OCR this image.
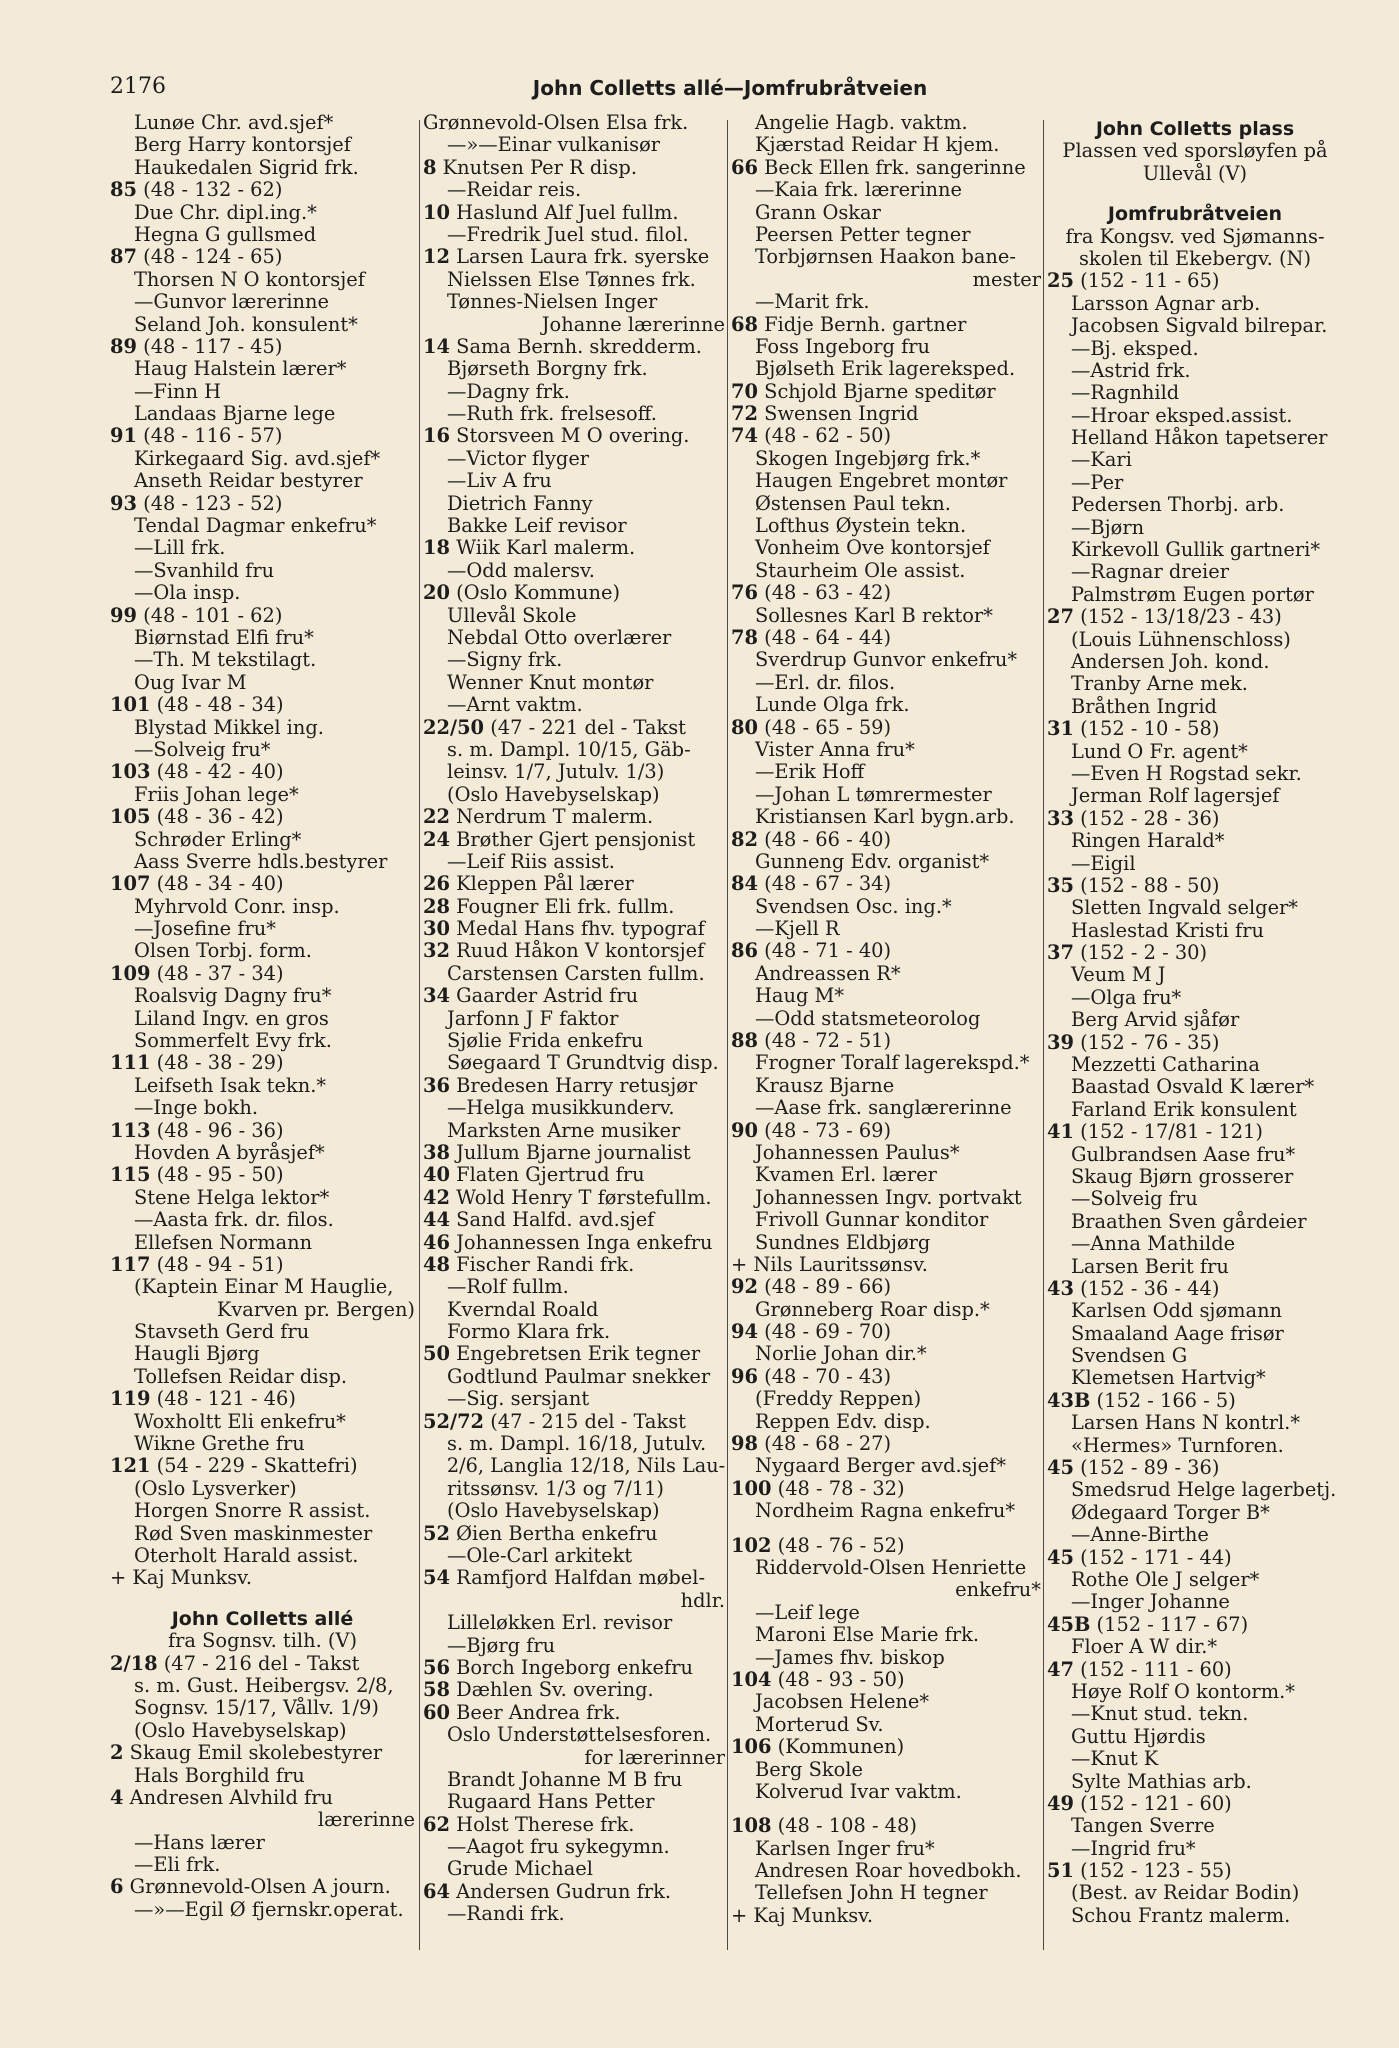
2176	John Colletts allé—Jomfrubråtveien
Lunøe Chr. avd.sjef*
Berg Harry kontorsjef
Haukedalen Sigrid frk.
85 (48 - 132 - 62)
Due Chr. dipl.ing.*
Hegna G gullsmed
87 (48 - 124 - 65)
Thorsen N O kontorsjef
—Gunvor lærerinne
Seland Joh. konsulent*
89 (48 - 117 - 45)
Haug Halstein lærer*
—Finn H
Landaas Bjarne lege
91 (48 - 116 - 57)
Kirkegaard Sig. avd.sjef*
Anseth Reidar bestyrer
93 (48 - 123 - 52)
Tendal Dagmar enkefru*
—Lill frk.
—Svanhild fru
—Ola insp.
99 (48 - 101 - 62)
Biørnstad Elfi fru*
—Th. M tekstilagt.
Oug Ivar M
101 (48 - 48 - 34)
Blystad Mikkel ing.
—Solveig fru*
103 (48 - 42 - 40)
Friis Johan lege*
105 (48 - 36 - 42)
Schrøder Erling*
Aass Sverre hdls.bestyrer
107 (48 - 34 - 40)
Myhrvold Conr. insp.
—Josefine fru*
Olsen Torbj. form.
109 (48 - 37 - 34)
Roalsvig Dagny fru*
Liland Ingv. en gros
Sommerfelt Evy frk.
111 (48 - 38 - 29)
Leifseth Isak tekn.*
—Inge bokh.
113 (48 - 96 - 36)
Hovden A byråsjef*
115 (48 - 95 - 50)
Stene Helga lektor*
—Aasta frk. dr. filos.
Ellefsen Normann
117 (48 - 94 - 51)
(Kaptein Einar M Hauglie,
Kvarven pr. Bergen)
Stavseth Gerd fru
Haugli Bjørg
Tollefsen Reidar disp.
119 (48 - 121 - 46)
Woxholtt Eli enkefru*
Wikne Grethe fru
121 (54 - 229 - Skattefri)
(Oslo Lysverker)
Horgen Snorre R assist.
Rød Sven maskinmester
Oterholt Harald assist.
+ Kaj Munksv.
John Colletts allé
fra Sognsv. tilh. (V)
2/18 (47 - 216 del - Takst
s. m. Gust. Heibergsv. 2/8,
Sognsv. 15/17, Vållv. 1/9)
(Oslo Havebyselskap)
2 Skaug Emil skolebestyrer
Hals Borghild fru
4 Andresen Alvhild fru
lærerinne
—Hans lærer
—Eli frk.
6 Grønnevold-Olsen A journ.
—»—Egil Ø fjernskr.operat.
Grønnevold-Olsen Elsa frk.
—»—Einar vulkanisør
8 Knutsen Per R disp.
—Reidar reis.
10 Haslund Alf Juel fullm.
—Fredrik Juel stud. filol.
12 Larsen Laura frk. syerske
Nielssen Else Tønnes frk.
Tønnes-Nielsen Inger
Johanne lærerinne
14 Sama Bernh. skredderm.
Bjørseth Borgny frk.
—Dagny frk.
—Ruth frk. frelsesoff.
16 Storsveen M O overing.
—Victor flyger
—Liv A fru
Dietrich Fanny
Bakke Leif revisor
18 Wiik Karl malerm.
—Odd malersv.
20 (Oslo Kommune)
Ullevål Skole
Nebdal Otto overlærer
—Signy frk.
Wenner Knut montør
—Arnt vaktm.
22/50 (47 - 221 del - Takst
s. m. Dampl. 10/15, Gäb-
leinsv. 1/7, Jutulv. 1/3)
(Oslo Havebyselskap)
22 Nerdrum T malerm.
24 Brøther Gjert pensjonist
—Leif Riis assist.
26 Kleppen Pål lærer
28 Fougner Eli frk. fullm.
30 Medal Hans fhv. typograf
32 Ruud Håkon V kontorsjef
Carstensen Carsten fullm.
34 Gaarder Astrid fru
Jarfonn J F faktor
Sjølie Frida enkefru
Søegaard T Grundtvig disp.
36 Bredesen Harry retusjør
—Helga musikkunderv.
Marksten Arne musiker
38 Jullum Bjarne journalist
40 Flaten Gjertrud fru
42 Wold Henry T førstefullm.
44 Sand Halfd. avd.sjef
46 Johannessen Inga enkefru
48 Fischer Randi frk.
—Rolf fullm.
Kverndal Roald
Formo Klara frk.
50 Engebretsen Erik tegner
Godtlund Paulmar snekker
—Sig. sersjant
52/72 (47 - 215 del - Takst
s. m. Dampl. 16/18, Jutulv.
2/6, Langlia 12/18, Nils Lau-
ritssønsv. 1/3 og 7/11)
(Oslo Havebyselskap)
52 Øien Bertha enkefru
—Ole-Carl arkitekt
54 Ramfjord Halfdan møbel-
hdlr.
Lilleløkken Erl. revisor
—Bjørg fru
56 Borch Ingeborg enkefru
58 Dæhlen Sv. overing.
60 Beer Andrea frk.
Oslo Understøttelsesforen.
for lærerinner
Brandt Johanne M B fru
Rugaard Hans Petter
62 Holst Therese frk.
—Aagot fru sykegymn.
Grude Michael
64 Andersen Gudrun frk.
—Randi frk.
Angelie Hagb. vaktm.
Kjærstad Reidar H kjem.
66 Beck Ellen frk. sangerinne
—Kaia frk. lærerinne
Grann Oskar
Peersen Petter tegner
Torbjørnsen Haakon bane-
mester
—Marit frk.
68 Fidje Bernh. gartner
Foss Ingeborg fru
Bjølseth Erik lagereksped.
70 Schjold Bjarne speditør
72 Swensen Ingrid
74 (48 - 62 - 50)
Skogen Ingebjørg frk.*
Haugen Engebret montør
Østensen Paul tekn.
Lofthus Øystein tekn.
Vonheim Ove kontorsjef
Staurheim Ole assist.
76 (48 - 63 - 42)
Sollesnes Karl B rektor*
78 (48 - 64 - 44)
Sverdrup Gunvor enkefru*
—Erl. dr. filos.
Lunde Olga frk.
80 (48 - 65 - 59)
Vister Anna fru*
—Erik Hoff
—Johan L tømrermester
Kristiansen Karl bygn.arb.
82 (48 - 66 - 40)
Gunneng Edv. organist*
84 (48 - 67 - 34)
Svendsen Osc. ing.*
—Kjell R
86 (48 - 71 - 40)
Andreassen R*
Haug M*
—Odd statsmeteorolog
88 (48 - 72 - 51)
Frogner Toralf lagerekspd.*
Krausz Bjarne
—Aase frk. sanglærerinne
90 (48 - 73 - 69)
Johannessen Paulus*
Kvamen Erl. lærer
Johannessen Ingv. portvakt
Frivoll Gunnar konditor
Sundnes Eldbjørg
+ Nils Lauritssønsv.
92 (48 - 89 - 66)
Grønneberg Roar disp.*
94 (48 - 69 - 70)
Norlie Johan dir.*
96 (48 - 70 - 43)
(Freddy Reppen)
Reppen Edv. disp.
98 (48 - 68 - 27)
Nygaard Berger avd.sjef*
100 (48 - 78 - 32)
Nordheim Ragna enkefru*
102 (48 - 76 - 52)
Riddervold-Olsen Henriette
enkefru*
—Leif lege
Maroni Else Marie frk.
—James fhv. biskop
104 (48 - 93 - 50)
Jacobsen Helene*
Morterud Sv.
106 (Kommunen)
Berg Skole
Kolverud Ivar vaktm.
108 (48 - 108 - 48)
Karlsen Inger fru*
Andresen Roar hovedbokh.
Tellefsen John H tegner
+ Kaj Munksv.
John Colletts plass
Plassen ved sporsløyfen på
Ullevål (V)
Jomfrubråtveien
fra Kongsv. ved Sjømanns-
skolen til Ekebergv. (N)
25 (152 - 11 - 65)
Larsson Agnar arb.
Jacobsen Sigvald bilrepar.
—Bj. eksped.
—Astrid frk.
—Ragnhild
—Hroar eksped.assist.
Helland Håkon tapetserer
—Kari
—Per
Pedersen Thorbj. arb.
—Bjørn
Kirkevoll Gullik gartneri*
—Ragnar dreier
Palmstrøm Eugen portør
27 (152 - 13/18/23 - 43)
(Louis Lühnenschloss)
Andersen Joh. kond.
Tranby Arne mek.
Bråthen Ingrid
31 (152 - 10 - 58)
Lund O Fr. agent*
—Even H Rogstad sekr.
Jerman Rolf lagersjef
33 (152 - 28 - 36)
Ringen Harald*
—Eigil
35 (152 - 88 - 50)
Sletten Ingvald selger*
Haslestad Kristi fru
37 (152 - 2 - 30)
Veum M J
—Olga fru*
Berg Arvid sjåfør
39 (152 - 76 - 35)
Mezzetti Catharina
Baastad Osvald K lærer*
Farland Erik konsulent
41 (152 - 17/81 - 121)
Gulbrandsen Aase fru*
Skaug Bjørn grosserer
—Solveig fru
Braathen Sven gårdeier
—Anna Mathilde
Larsen Berit fru
43 (152 - 36 - 44)
Karlsen Odd sjømann
Smaaland Aage frisør
Svendsen G
Klemetsen Hartvig*
43B (152 - 166 - 5)
Larsen Hans N kontrl.*
«Hermes» Turnforen.
45 (152 - 89 - 36)
Smedsrud Helge lagerbetj.
Ødegaard Torger B*
—Anne-Birthe
45 (152 - 171 - 44)
Rothe Ole J selger*
—Inger Johanne
45B (152 - 117 - 67)
Floer A W dir.*
47 (152 - 111 - 60)
Høye Rolf O kontorm.*
—Knut stud. tekn.
Guttu Hjørdis
—Knut K
Sylte Mathias arb.
49 (152 - 121 - 60)
Tangen Sverre
—Ingrid fru*
51 (152 - 123 - 55)
(Best. av Reidar Bodin)
Schou Frantz malerm.
